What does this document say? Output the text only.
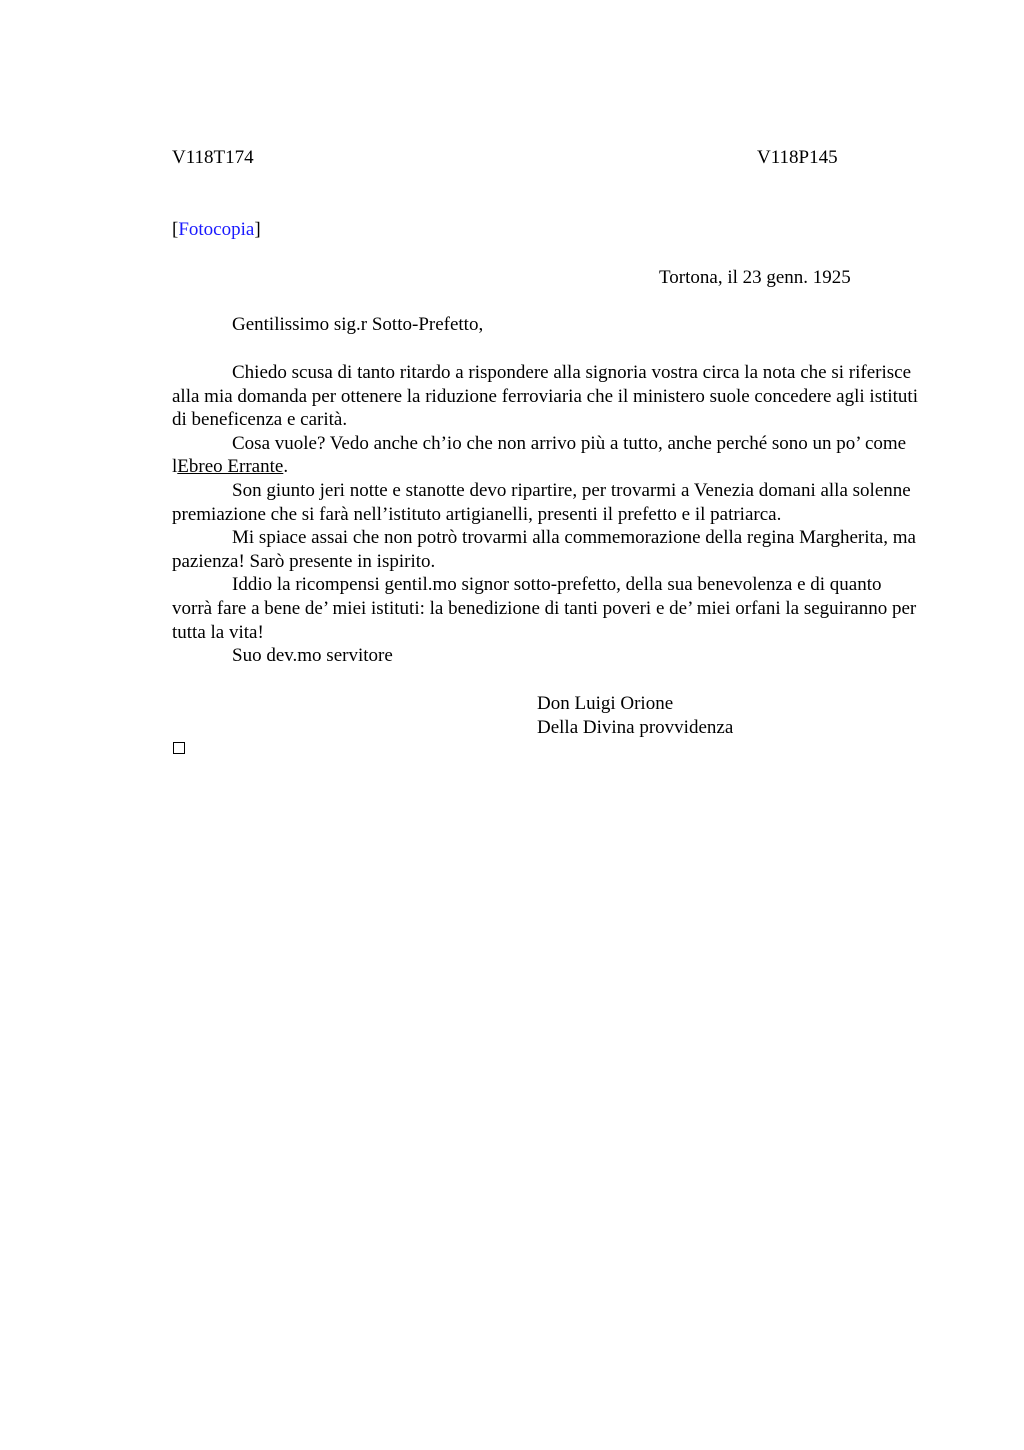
V118T174	V118P145
[Fotocopia]
Tortona, il 23 genn. 1925
Gentilissimo sig.r Sotto-Prefetto,

Chiedo scusa di tanto ritardo a rispondere alla signoria vostra circa la nota che si riferisce alla mia domanda per ottenere la riduzione ferroviaria che il ministero suole concedere agli istituti di beneficenza e carità.

Cosa vuole? Vedo anche ch’io che non arrivo più a tutto, anche perché sono un po’ come lEbreo Errante.

Son giunto jeri notte e stanotte devo ripartire, per trovarmi a Venezia domani alla solenne premiazione che si farà nell’istituto artigianelli, presenti il prefetto e il patriarca.

Mi spiace assai che non potrò trovarmi alla commemorazione della regina Margherita, ma pazienza! Sarò presente in ispirito.

Iddio la ricompensi gentil.mo signor sotto-prefetto, della sua benevolenza e di quanto vorrà fare a bene de’ miei istituti: la benedizione di tanti poveri e de’ miei orfani la seguiranno per tutta la vita!

Suo dev.mo servitore

Don Luigi Orione
Della Divina provvidenza
